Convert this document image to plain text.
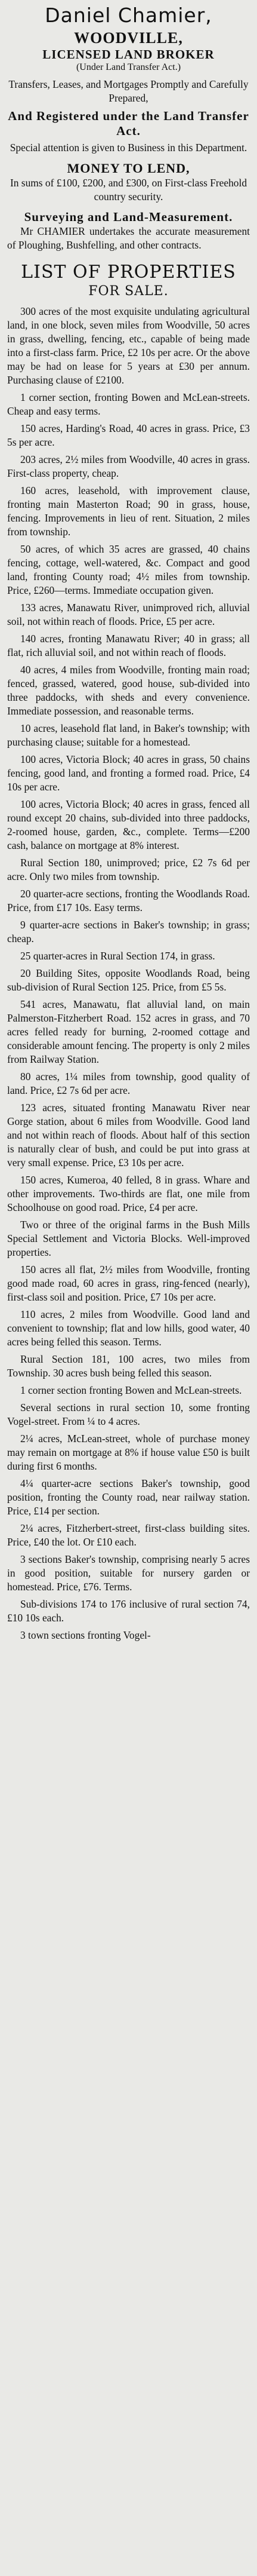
Daniel Chamier,
WOODVILLE,
LICENSED LAND BROKER
(Under Land Transfer Act.)

Transfers, Leases, and Mortgages Promptly and Carefully Prepared,

And Registered under the Land Transfer Act.

Special attention is given to Business in this Department.

MONEY TO LEND,

In sums of £100, £200, and £300, on First-class Freehold country security.

Surveying and Land-Measurement.

Mr CHAMIER undertakes the accurate measurement of Ploughing, Bushfelling, and other contracts.

LIST OF PROPERTIES
FOR SALE.

300 acres of the most exquisite undulating agricultural land, in one block, seven miles from Woodville, 50 acres in grass, dwelling, fencing, etc., capable of being made into a first-class farm. Price, £2 10s per acre. Or the above may be had on lease for 5 years at £30 per annum. Purchasing clause of £2100.

1 corner section, fronting Bowen and McLean-streets. Cheap and easy terms.

150 acres, Harding's Road, 40 acres in grass. Price, £3 5s per acre.

203 acres, 2½ miles from Woodville, 40 acres in grass. First-class property, cheap.

160 acres, leasehold, with improvement clause, fronting main Masterton Road; 90 in grass, house, fencing. Improvements in lieu of rent. Situation, 2 miles from township.

50 acres, of which 35 acres are grassed, 40 chains fencing, cottage, well-watered, &c. Compact and good land, fronting County road; 4½ miles from township. Price, £260—terms. Immediate occupation given.

133 acres, Manawatu River, unimproved rich, alluvial soil, not within reach of floods. Price, £5 per acre.

140 acres, fronting Manawatu River; 40 in grass; all flat, rich alluvial soil, and not within reach of floods.

40 acres, 4 miles from Woodville, fronting main road; fenced, grassed, watered, good house, sub-divided into three paddocks, with sheds and every convenience. Immediate possession, and reasonable terms.

10 acres, leasehold flat land, in Baker's township; with purchasing clause; suitable for a homestead.

100 acres, Victoria Block; 40 acres in grass, 50 chains fencing, good land, and fronting a formed road. Price, £4 10s per acre.

100 acres, Victoria Block; 40 acres in grass, fenced all round except 20 chains, sub-divided into three paddocks, 2-roomed house, garden, &c., complete. Terms—£200 cash, balance on mortgage at 8% interest.

Rural Section 180, unimproved; price, £2 7s 6d per acre. Only two miles from township.

20 quarter-acre sections, fronting the Woodlands Road. Price, from £17 10s. Easy terms.

9 quarter-acre sections in Baker's township; in grass; cheap.

25 quarter-acres in Rural Section 174, in grass.

20 Building Sites, opposite Woodlands Road, being sub-division of Rural Section 125. Price, from £5 5s.

541 acres, Manawatu, flat alluvial land, on main Palmerston-Fitzherbert Road. 152 acres in grass, and 70 acres felled ready for burning, 2-roomed cottage and considerable amount fencing. The property is only 2 miles from Railway Station.

80 acres, 1¼ miles from township, good quality of land. Price, £2 7s 6d per acre.

123 acres, situated fronting Manawatu River near Gorge station, about 6 miles from Woodville. Good land and not within reach of floods. About half of this section is naturally clear of bush, and could be put into grass at very small expense. Price, £3 10s per acre.

150 acres, Kumeroa, 40 felled, 8 in grass. Whare and other improvements. Two-thirds are flat, one mile from Schoolhouse on good road. Price, £4 per acre.

Two or three of the original farms in the Bush Mills Special Settlement and Victoria Blocks. Well-improved properties.

150 acres all flat, 2½ miles from Woodville, fronting good made road, 60 acres in grass, ring-fenced (nearly), first-class soil and position. Price, £7 10s per acre.

110 acres, 2 miles from Woodville. Good land and convenient to township; flat and low hills, good water, 40 acres being felled this season. Terms.

Rural Section 181, 100 acres, two miles from Township. 30 acres bush being felled this season.

1 corner section fronting Bowen and McLean-streets.

Several sections in rural section 10, some fronting Vogel-street. From ¼ to 4 acres.

2¼ acres, McLean-street, whole of purchase money may remain on mortgage at 8% if house value £50 is built during first 6 months.

4¼ quarter-acre sections Baker's township, good position, fronting the County road, near railway station. Price, £14 per section.

2¼ acres, Fitzherbert-street, first-class building sites. Price, £40 the lot. Or £10 each.

3 sections Baker's township, comprising nearly 5 acres in good position, suitable for nursery garden or homestead. Price, £76. Terms.

Sub-divisions 174 to 176 inclusive of rural section 74, £10 10s each.

3 town sections fronting Vogel-
